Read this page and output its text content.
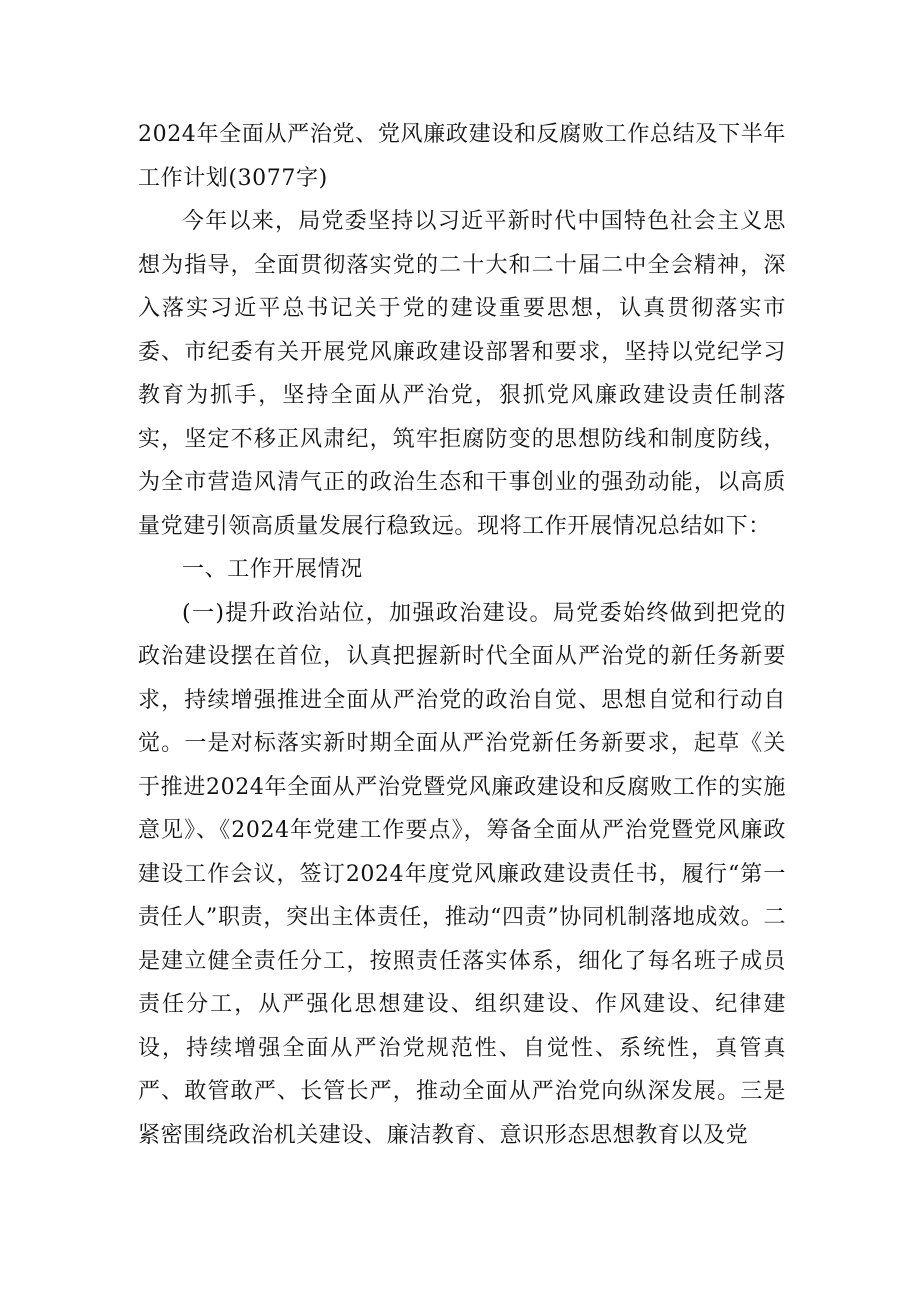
2024年全面从严治党、党风廉政建设和反腐败工作总结及下半年工作计划(3077字)

今年以来，局党委坚持以习近平新时代中国特色社会主义思想为指导，全面贯彻落实党的二十大和二十届二中全会精神，深入落实习近平总书记关于党的建设重要思想，认真贯彻落实市委、市纪委有关开展党风廉政建设部署和要求，坚持以党纪学习教育为抓手，坚持全面从严治党，狠抓党风廉政建设责任制落实，坚定不移正风肃纪，筑牢拒腐防变的思想防线和制度防线，为全市营造风清气正的政治生态和干事创业的强劲动能，以高质量党建引领高质量发展行稳致远。现将工作开展情况总结如下：

一、工作开展情况

(一)提升政治站位，加强政治建设。局党委始终做到把党的政治建设摆在首位，认真把握新时代全面从严治党的新任务新要求，持续增强推进全面从严治党的政治自觉、思想自觉和行动自觉。一是对标落实新时期全面从严治党新任务新要求，起草《关于推进2024年全面从严治党暨党风廉政建设和反腐败工作的实施意见》、《2024年党建工作要点》，筹备全面从严治党暨党风廉政建设工作会议，签订2024年度党风廉政建设责任书，履行“第一责任人”职责，突出主体责任，推动“四责”协同机制落地成效。二是建立健全责任分工，按照责任落实体系，细化了每名班子成员责任分工，从严强化思想建设、组织建设、作风建设、纪律建设，持续增强全面从严治党规范性、自觉性、系统性，真管真严、敢管敢严、长管长严，推动全面从严治党向纵深发展。三是紧密围绕政治机关建设、廉洁教育、意识形态思想教育以及党
